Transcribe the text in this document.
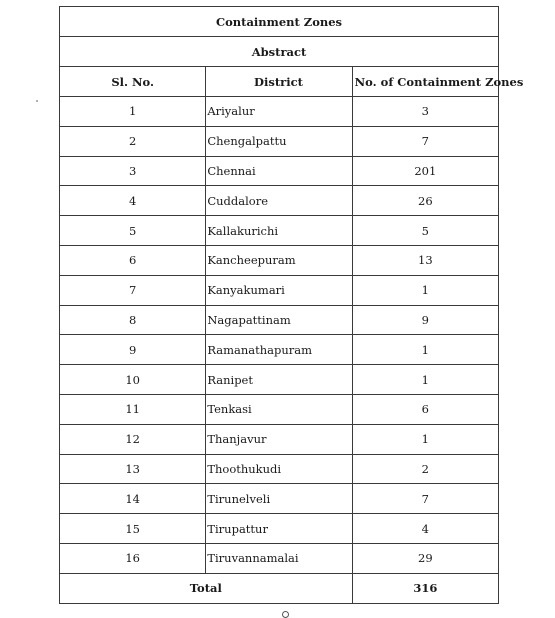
Containment Zones		
Abstract		
Sl. No.	District	No. of Containment Zones
1	Ariyalur	3
2	Chengalpattu	7
3	Chennai	201
4	Cuddalore	26
5	Kallakurichi	5
6	Kancheepuram	13
7	Kanyakumari	1
8	Nagapattinam	9
9	Ramanathapuram	1
10	Ranipet	1
11	Tenkasi	6
12	Thanjavur	1
13	Thoothukudi	2
14	Tirunelveli	7
15	Tirupattur	4
16	Tiruvannamalai	29
Total		316
